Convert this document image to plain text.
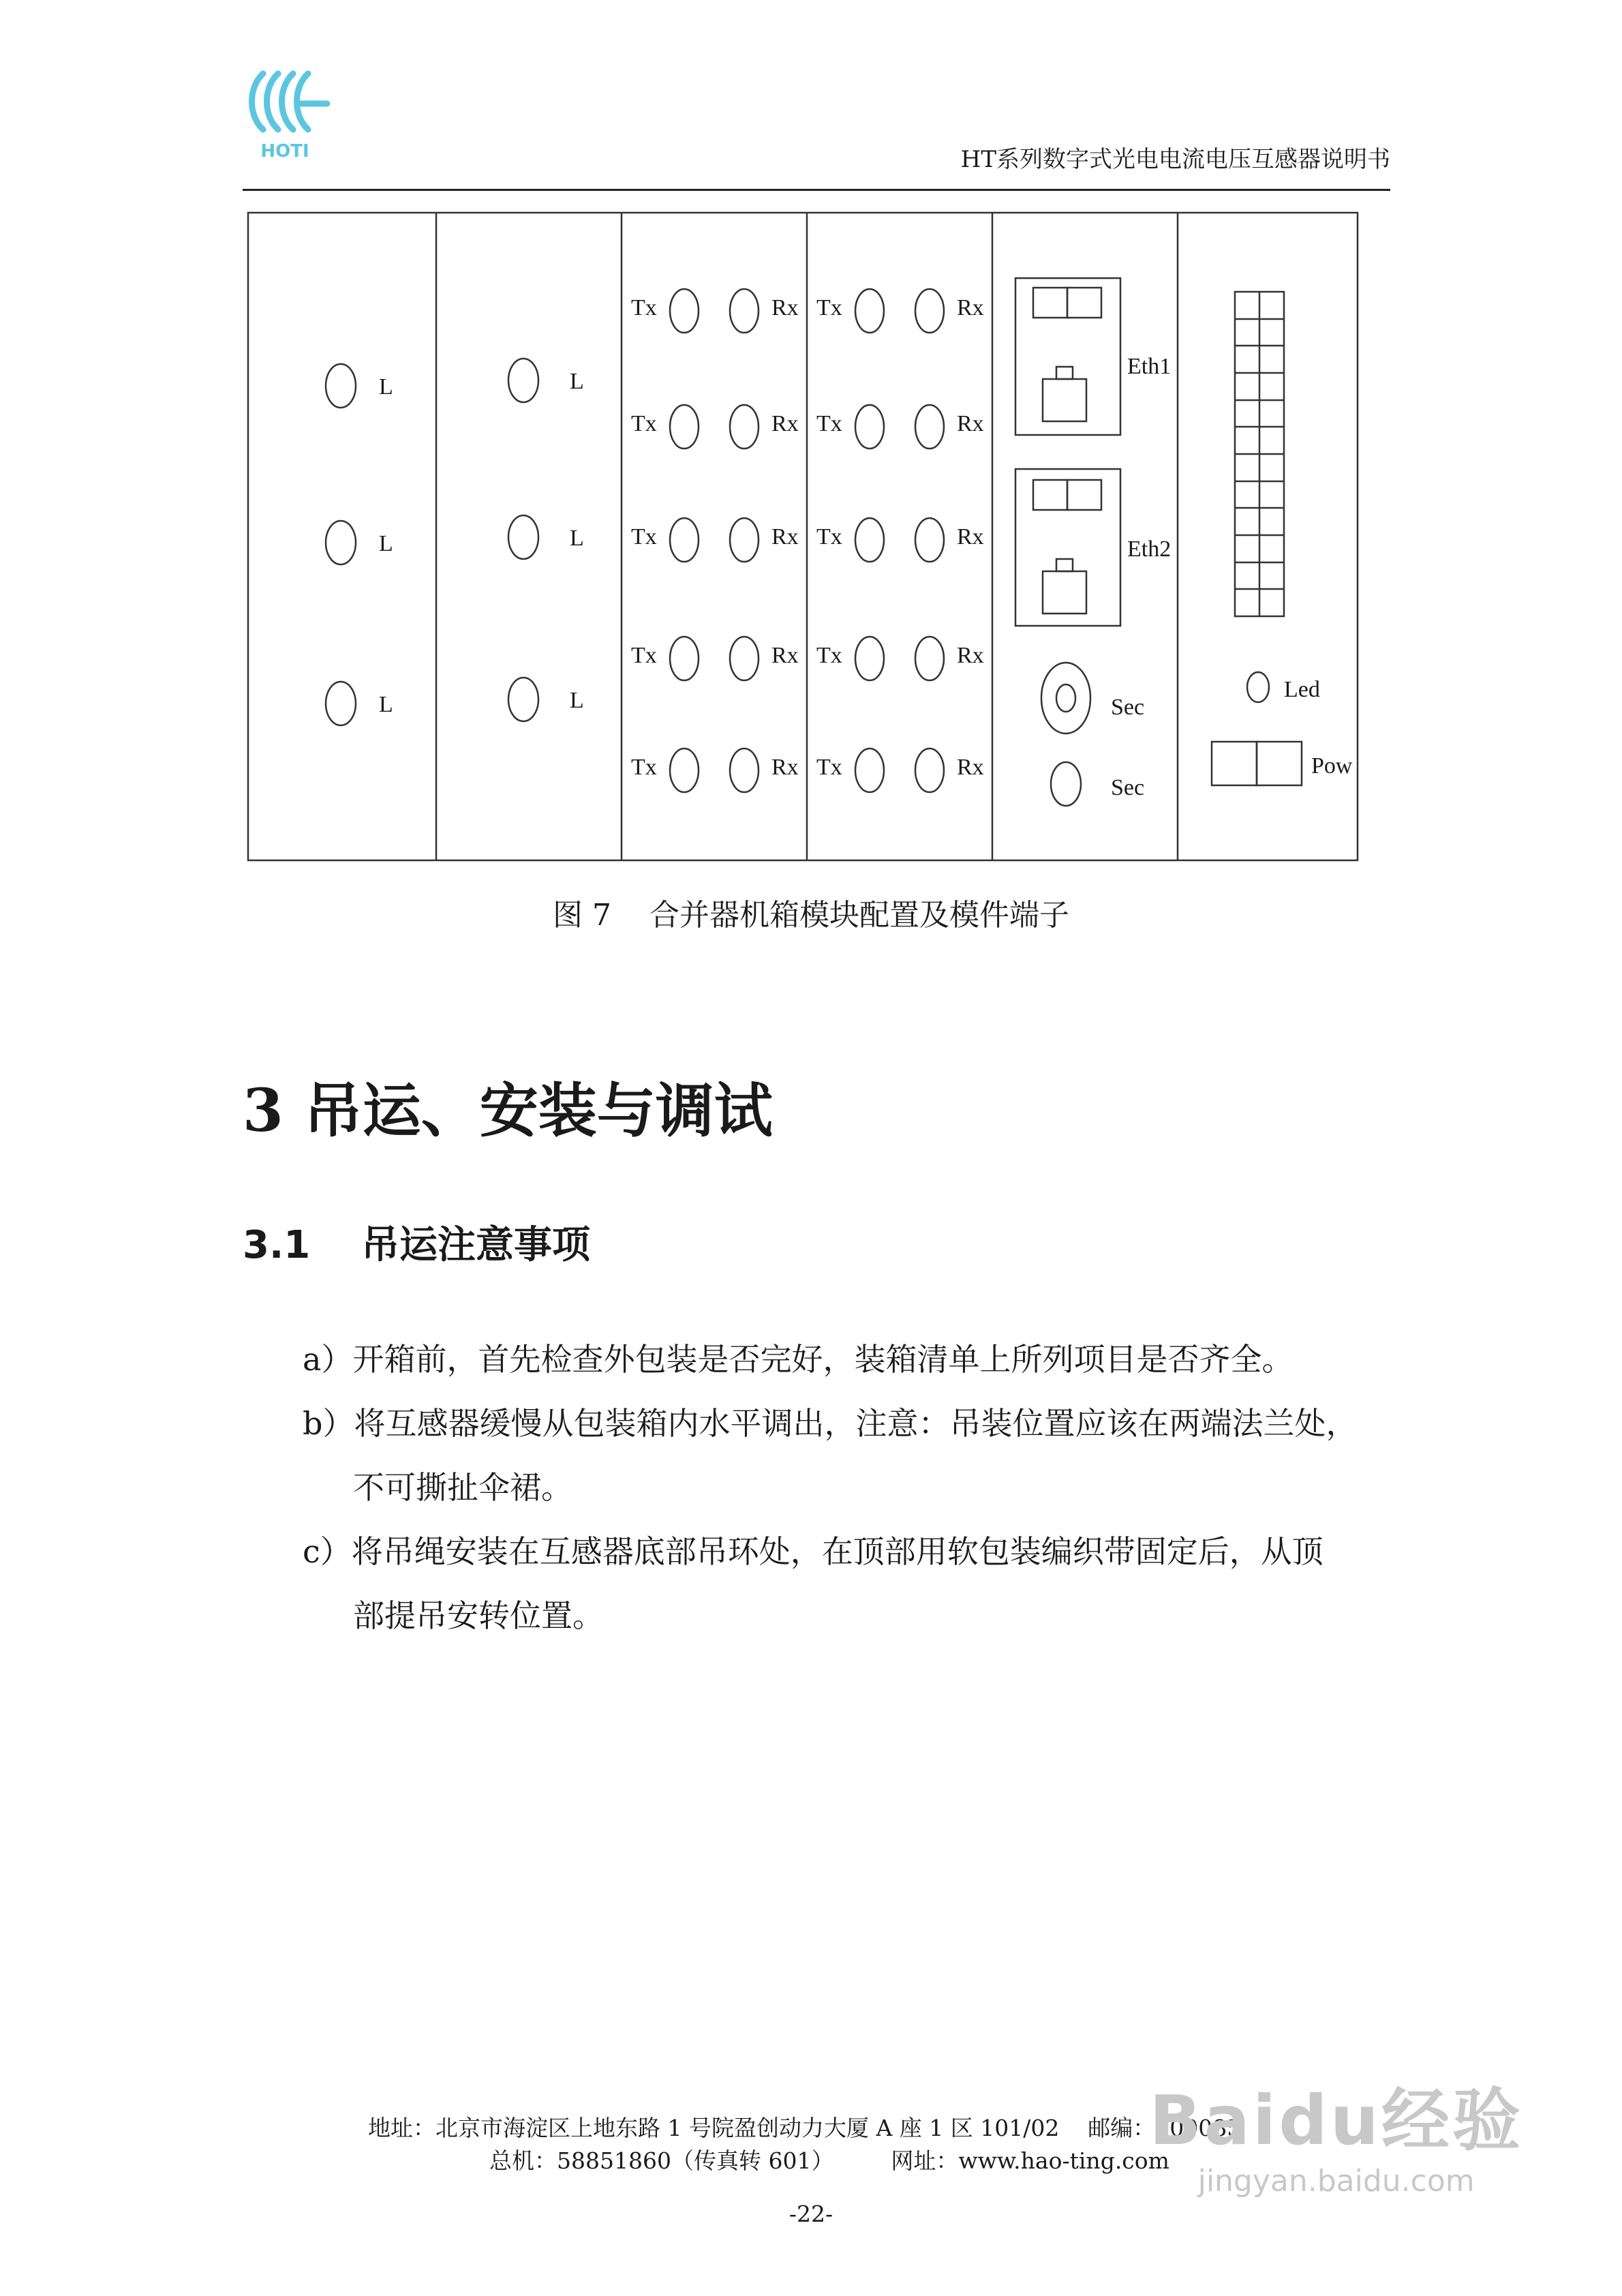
HOTI	HT系列数字式光电电流电压互感器说明书
L
L
L
L
L
L
Tx	Rx Tx	Rx
Tx	Rx Tx	Rx
Tx	Rx Tx	Rx
Tx	Rx Tx	Rx
Tx	Rx Tx	Rx
Eth1
Eth2
Sec
Sec
Led
Pow
图 7    合并器机箱模块配置及模件端子
3 吊运、安装与调试
3.1 吊运注意事项
a）开箱前，首先检查外包装是否完好，装箱清单上所列项目是否齐全。
b）将互感器缓慢从包装箱内水平调出，注意：吊装位置应该在两端法兰处，
不可撕扯伞裙。
c）将吊绳安装在互感器底部吊环处，在顶部用软包装编织带固定后，从顶
部提吊安转位置。
地址：北京市海淀区上地东路 1 号院盈创动力大厦 A 座 1 区 101/02    邮编：100085
总机：58851860（传真转 601）        网址：www.hao-ting.com
-22-
Baidu经验
jingyan.baidu.com
